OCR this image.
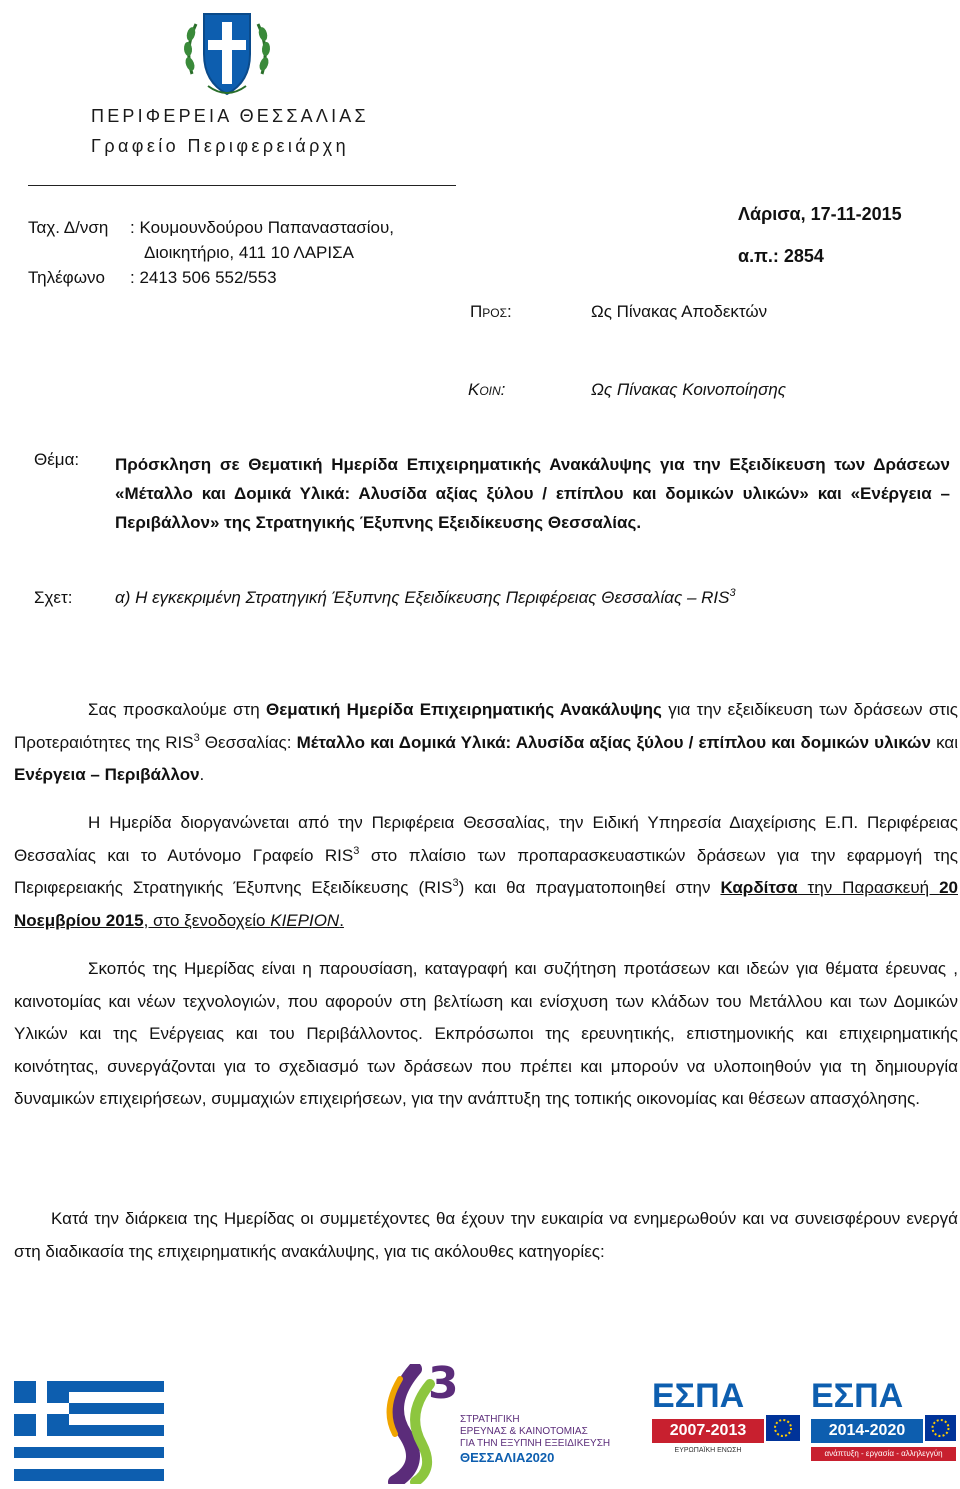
ΠΕΡΙΦΕΡΕΙΑ ΘΕΣΣΑΛΙΑΣ
Γραφείο Περιφερειάρχη
Ταχ. Δ/νση : Κουμουνδούρου Παπαναστασίου,
Διοικητήριο, 411 10 ΛΑΡΙΣΑ
Τηλέφωνο : 2413 506 552/553
Λάρισα, 17-11-2015
α.π.: 2854
Προς:	Ως Πίνακας Αποδεκτών
Κοιν:	Ως Πίνακας Κοινοποίησης
Θέμα: Πρόσκληση σε Θεματική Ημερίδα Επιχειρηματικής Ανακάλυψης για την Εξειδίκευση των Δράσεων «Μέταλλο και Δομικά Υλικά: Αλυσίδα αξίας ξύλου / επίπλου και δομικών υλικών» και «Ενέργεια – Περιβάλλον» της Στρατηγικής Έξυπνης Εξειδίκευσης Θεσσαλίας.
Σχετ:	α) Η εγκεκριμένη Στρατηγική Έξυπνης Εξειδίκευσης Περιφέρειας Θεσσαλίας – RIS$^3$

Σας προσκαλούμε στη Θεματική Ημερίδα Επιχειρηματικής Ανακάλυψης για την εξειδίκευση των δράσεων στις Προτεραιότητες της RIS$^3$ Θεσσαλίας: Μέταλλο και Δομικά Υλικά: Αλυσίδα αξίας ξύλου / επίπλου και δομικών υλικών και Ενέργεια – Περιβάλλον.

Η Ημερίδα διοργανώνεται από την Περιφέρεια Θεσσαλίας, την Ειδική Υπηρεσία Διαχείρισης Ε.Π. Περιφέρειας Θεσσαλίας και το Αυτόνομο Γραφείο RIS$^3$ στο πλαίσιο των προπαρασκευαστικών δράσεων για την εφαρμογή της Περιφερειακής Στρατηγικής Έξυπνης Εξειδίκευσης (RIS$^3$) και θα πραγματοποιηθεί στην Καρδίτσα την Παρασκευή 20 Νοεμβρίου 2015, στο ξενοδοχείο KIEPION.

Σκοπός της Ημερίδας είναι η παρουσίαση, καταγραφή και συζήτηση προτάσεων και ιδεών για θέματα έρευνας , καινοτομίας και νέων τεχνολογιών, που αφορούν στη βελτίωση και ενίσχυση των κλάδων του Μετάλλου και των Δομικών Υλικών και της Ενέργειας και του Περιβάλλοντος. Εκπρόσωποι της ερευνητικής, επιστημονικής και επιχειρηματικής κοινότητας, συνεργάζονται για το σχεδιασμό των δράσεων που πρέπει και μπορούν να υλοποιηθούν για τη δημιουργία δυναμικών επιχειρήσεων, συμμαχιών επιχειρήσεων, για την ανάπτυξη της τοπικής οικονομίας και θέσεων απασχόλησης.

Κατά την διάρκεια της Ημερίδας οι συμμετέχοντες θα έχουν την ευκαιρία να ενημερωθούν και να συνεισφέρουν ενεργά στη διαδικασία της επιχειρηματικής ανακάλυψης, για τις ακόλουθες κατηγορίες:

3
ΣΤΡΑΤΗΓΙΚΗ
ΕΡΕΥΝΑΣ & ΚΑΙΝΟΤΟΜΙΑΣ
ΓΙΑ ΤΗΝ ΕΞΥΠΝΗ ΕΞΕΙΔΙΚΕΥΣΗ
ΘΕΣΣΑΛΙΑ2020
ΕΣΠΑ
2007-2013
ΕΥΡΩΠΑΪΚΗ ΕΝΩΣΗ
ΕΣΠΑ
2014-2020
ανάπτυξη - εργασία - αλληλεγγύη
